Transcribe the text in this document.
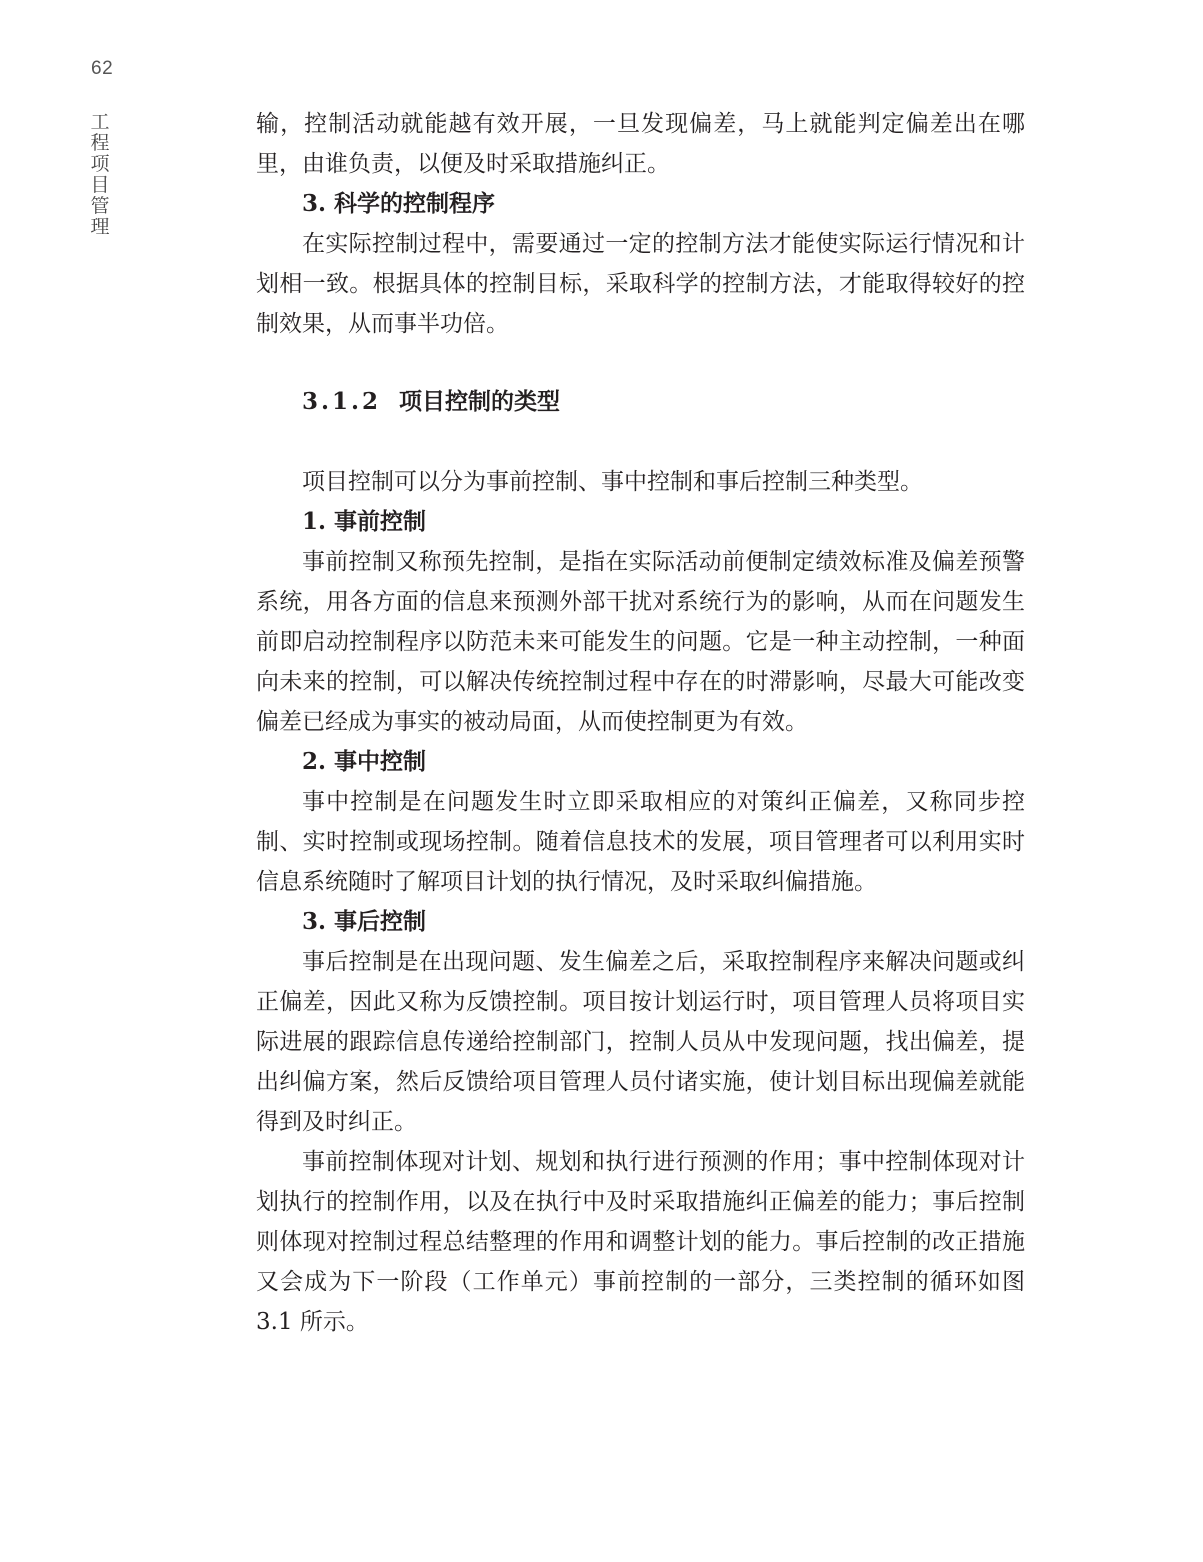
62
工程项目管理

输，控制活动就能越有效开展，一旦发现偏差，马上就能判定偏差出在哪里，由谁负责，以便及时采取措施纠正。

3. 科学的控制程序

在实际控制过程中，需要通过一定的控制方法才能使实际运行情况和计划相一致。根据具体的控制目标，采取科学的控制方法，才能取得较好的控制效果，从而事半功倍。

3.1.2 项目控制的类型

项目控制可以分为事前控制、事中控制和事后控制三种类型。

1. 事前控制

事前控制又称预先控制，是指在实际活动前便制定绩效标准及偏差预警系统，用各方面的信息来预测外部干扰对系统行为的影响，从而在问题发生前即启动控制程序以防范未来可能发生的问题。它是一种主动控制，一种面向未来的控制，可以解决传统控制过程中存在的时滞影响，尽最大可能改变偏差已经成为事实的被动局面，从而使控制更为有效。

2. 事中控制

事中控制是在问题发生时立即采取相应的对策纠正偏差，又称同步控制、实时控制或现场控制。随着信息技术的发展，项目管理者可以利用实时信息系统随时了解项目计划的执行情况，及时采取纠偏措施。

3. 事后控制

事后控制是在出现问题、发生偏差之后，采取控制程序来解决问题或纠正偏差，因此又称为反馈控制。项目按计划运行时，项目管理人员将项目实际进展的跟踪信息传递给控制部门，控制人员从中发现问题，找出偏差，提出纠偏方案，然后反馈给项目管理人员付诸实施，使计划目标出现偏差就能得到及时纠正。

事前控制体现对计划、规划和执行进行预测的作用；事中控制体现对计划执行的控制作用，以及在执行中及时采取措施纠正偏差的能力；事后控制则体现对控制过程总结整理的作用和调整计划的能力。事后控制的改正措施又会成为下一阶段（工作单元）事前控制的一部分，三类控制的循环如图3.1 所示。
